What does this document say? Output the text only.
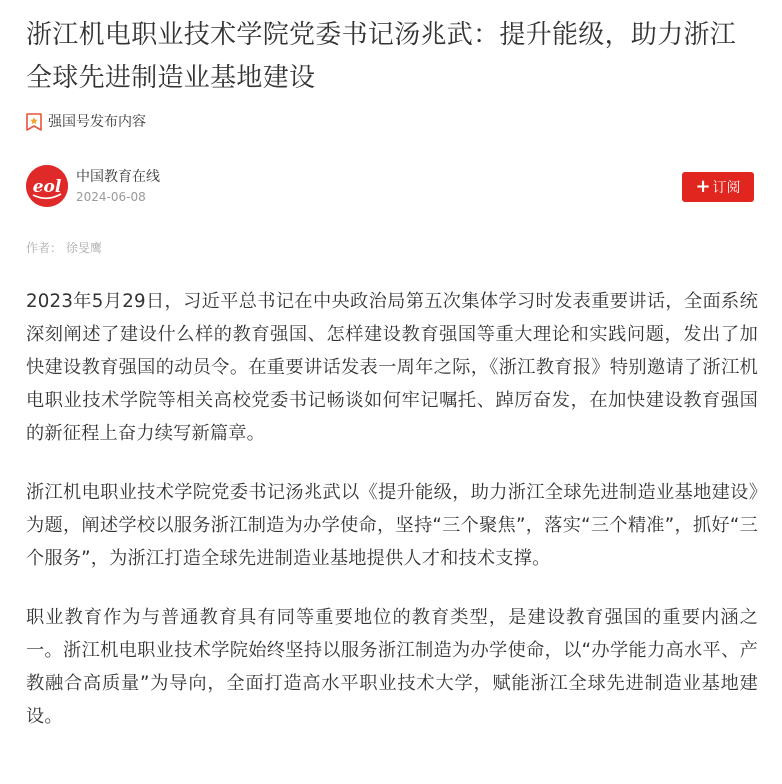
浙江机电职业技术学院党委书记汤兆武：提升能级，助力浙江全球先进制造业基地建设
强国号发布内容
eol 中国教育在线
2024-06-08	+ 订阅
作者： 徐旻鹰

2023年5月29日，习近平总书记在中央政治局第五次集体学习时发表重要讲话，全面系统深刻阐述了建设什么样的教育强国、怎样建设教育强国等重大理论和实践问题，发出了加快建设教育强国的动员令。在重要讲话发表一周年之际，《浙江教育报》特别邀请了浙江机电职业技术学院等相关高校党委书记畅谈如何牢记嘱托、踔厉奋发，在加快建设教育强国的新征程上奋力续写新篇章。

浙江机电职业技术学院党委书记汤兆武以《提升能级，助力浙江全球先进制造业基地建设》为题，阐述学校以服务浙江制造为办学使命，坚持“三个聚焦”，落实“三个精准”，抓好“三个服务”，为浙江打造全球先进制造业基地提供人才和技术支撑。

职业教育作为与普通教育具有同等重要地位的教育类型，是建设教育强国的重要内涵之一。浙江机电职业技术学院始终坚持以服务浙江制造为办学使命，以“办学能力高水平、产教融合高质量”为导向，全面打造高水平职业技术大学，赋能浙江全球先进制造业基地建设。
